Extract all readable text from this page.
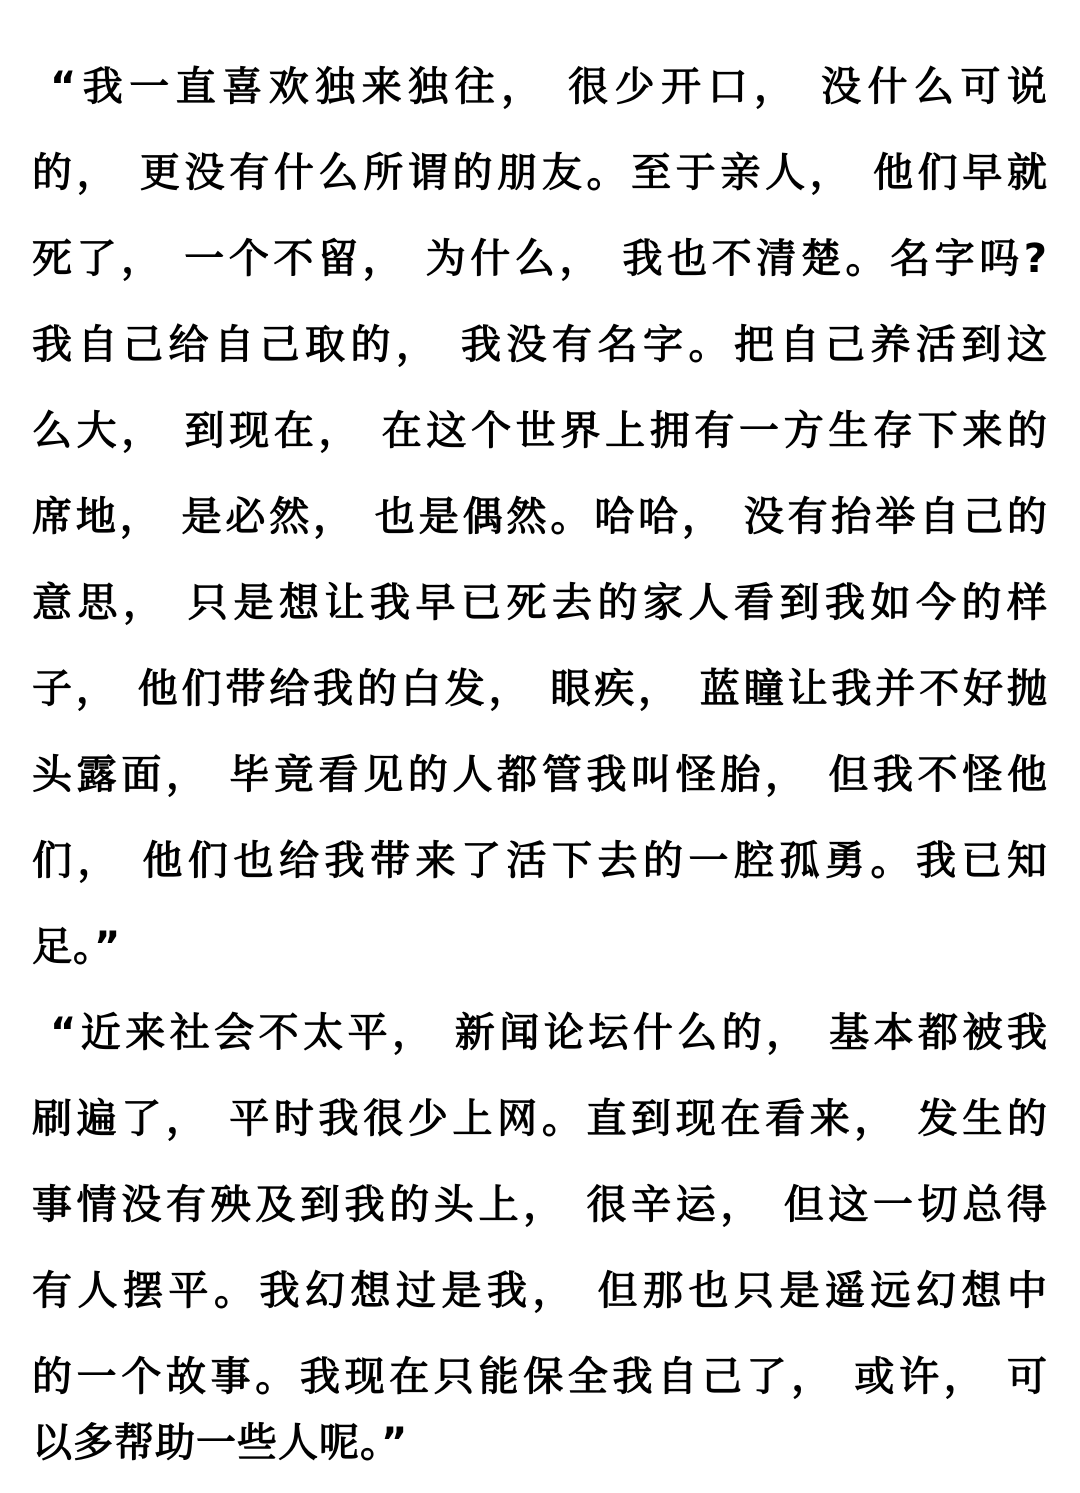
“我一直喜欢独来独往， 很少开口， 没什么可说
的， 更没有什么所谓的朋友。至于亲人， 他们早就
死了， 一个不留， 为什么， 我也不清楚。名字吗?
我自己给自己取的， 我没有名字。把自己养活到这
么大， 到现在， 在这个世界上拥有一方生存下来的
席地， 是必然， 也是偶然。哈哈， 没有抬举自己的
意思， 只是想让我早已死去的家人看到我如今的样
子， 他们带给我的白发， 眼疾， 蓝瞳让我并不好抛
头露面， 毕竟看见的人都管我叫怪胎， 但我不怪他
们， 他们也给我带来了活下去的一腔孤勇。我已知
足。”
“近来社会不太平， 新闻论坛什么的， 基本都被我
刷遍了， 平时我很少上网。直到现在看来， 发生的
事情没有殃及到我的头上， 很辛运， 但这一切总得
有人摆平。我幻想过是我， 但那也只是遥远幻想中
的一个故事。我现在只能保全我自己了， 或许， 可
以多帮助一些人呢。”
